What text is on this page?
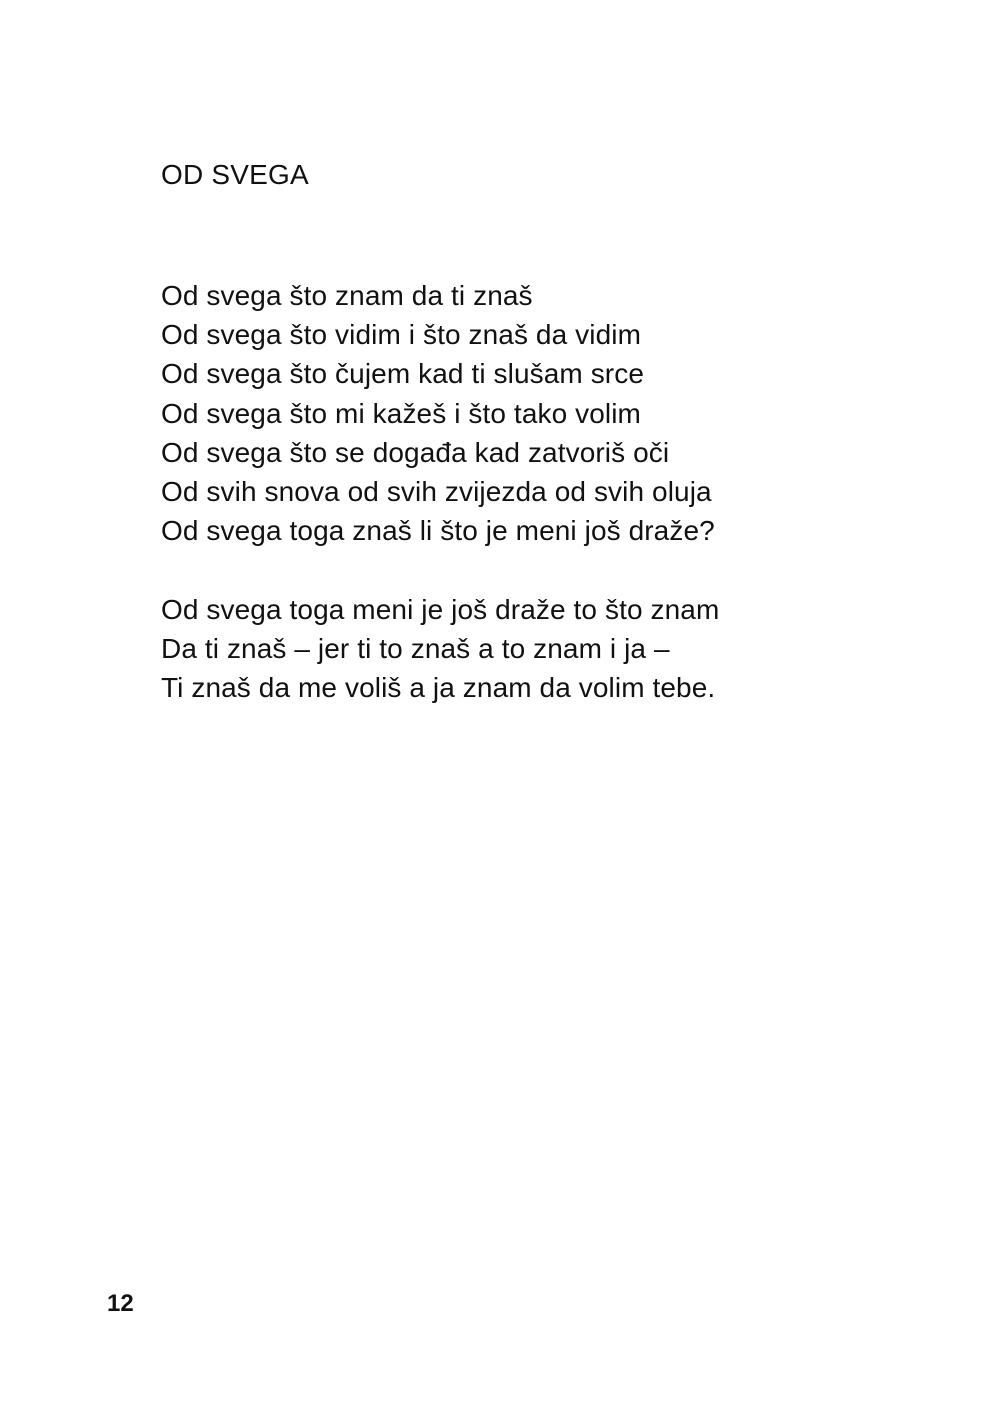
OD SVEGA
Od svega što znam da ti znaš
Od svega što vidim i što znaš da vidim
Od svega što čujem kad ti slušam srce
Od svega što mi kažeš i što tako volim
Od svega što se događa kad zatvoriš oči
Od svih snova od svih zvijezda od svih oluja
Od svega toga znaš li što je meni još draže?
Od svega toga meni je još draže to što znam
Da ti znaš – jer ti to znaš a to znam i ja –
Ti znaš da me voliš a ja znam da volim tebe.
12
